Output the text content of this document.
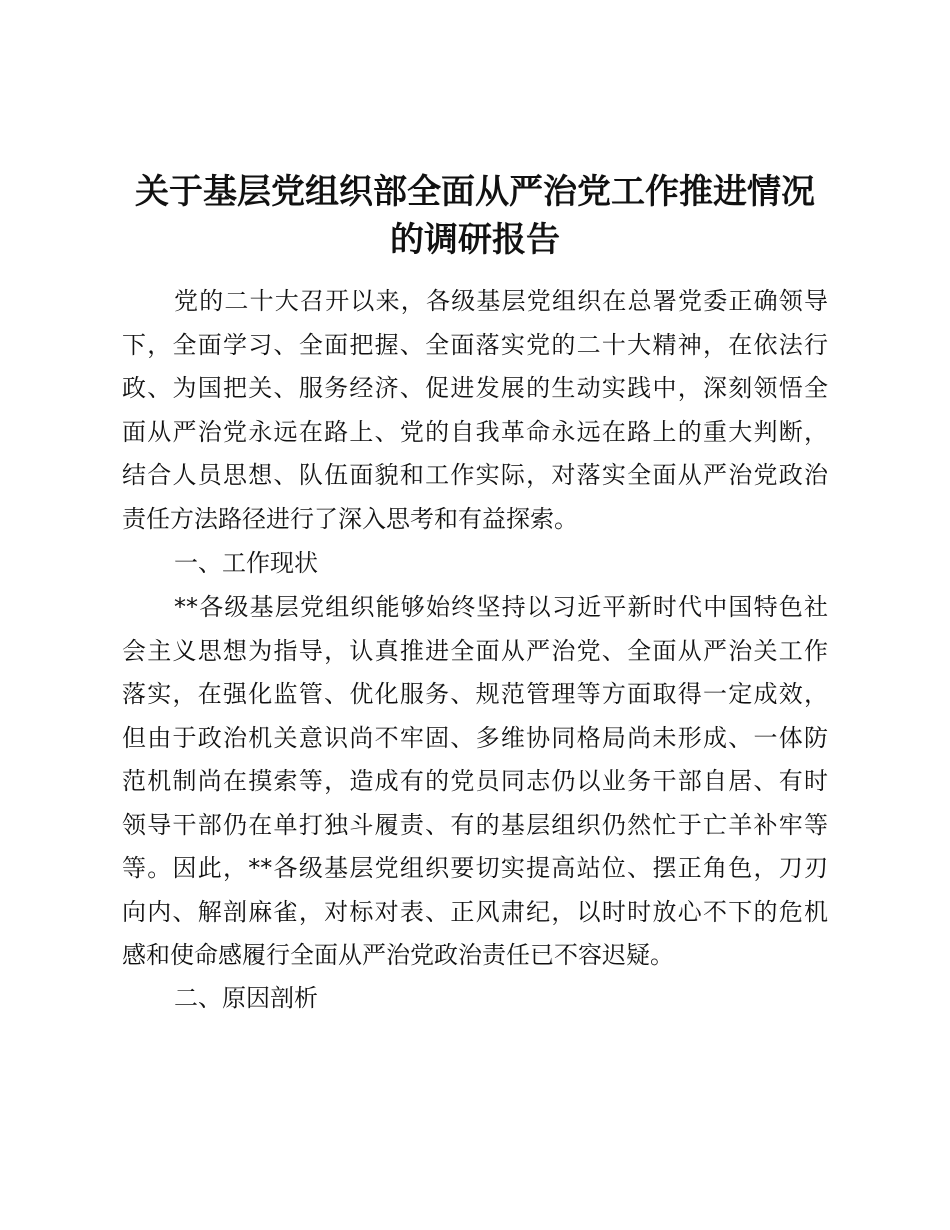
关于基层党组织部全面从严治党工作推进情况
的调研报告
党的二十大召开以来，各级基层党组织在总署党委正确领导
下，全面学习、全面把握、全面落实党的二十大精神，在依法行
政、为国把关、服务经济、促进发展的生动实践中，深刻领悟全
面从严治党永远在路上、党的自我革命永远在路上的重大判断，
结合人员思想、队伍面貌和工作实际，对落实全面从严治党政治
责任方法路径进行了深入思考和有益探索。
一、工作现状
**各级基层党组织能够始终坚持以习近平新时代中国特色社
会主义思想为指导，认真推进全面从严治党、全面从严治关工作
落实，在强化监管、优化服务、规范管理等方面取得一定成效，
但由于政治机关意识尚不牢固、多维协同格局尚未形成、一体防
范机制尚在摸索等，造成有的党员同志仍以业务干部自居、有时
领导干部仍在单打独斗履责、有的基层组织仍然忙于亡羊补牢等
等。因此，**各级基层党组织要切实提高站位、摆正角色，刀刃
向内、解剖麻雀，对标对表、正风肃纪，以时时放心不下的危机
感和使命感履行全面从严治党政治责任已不容迟疑。
二、原因剖析
